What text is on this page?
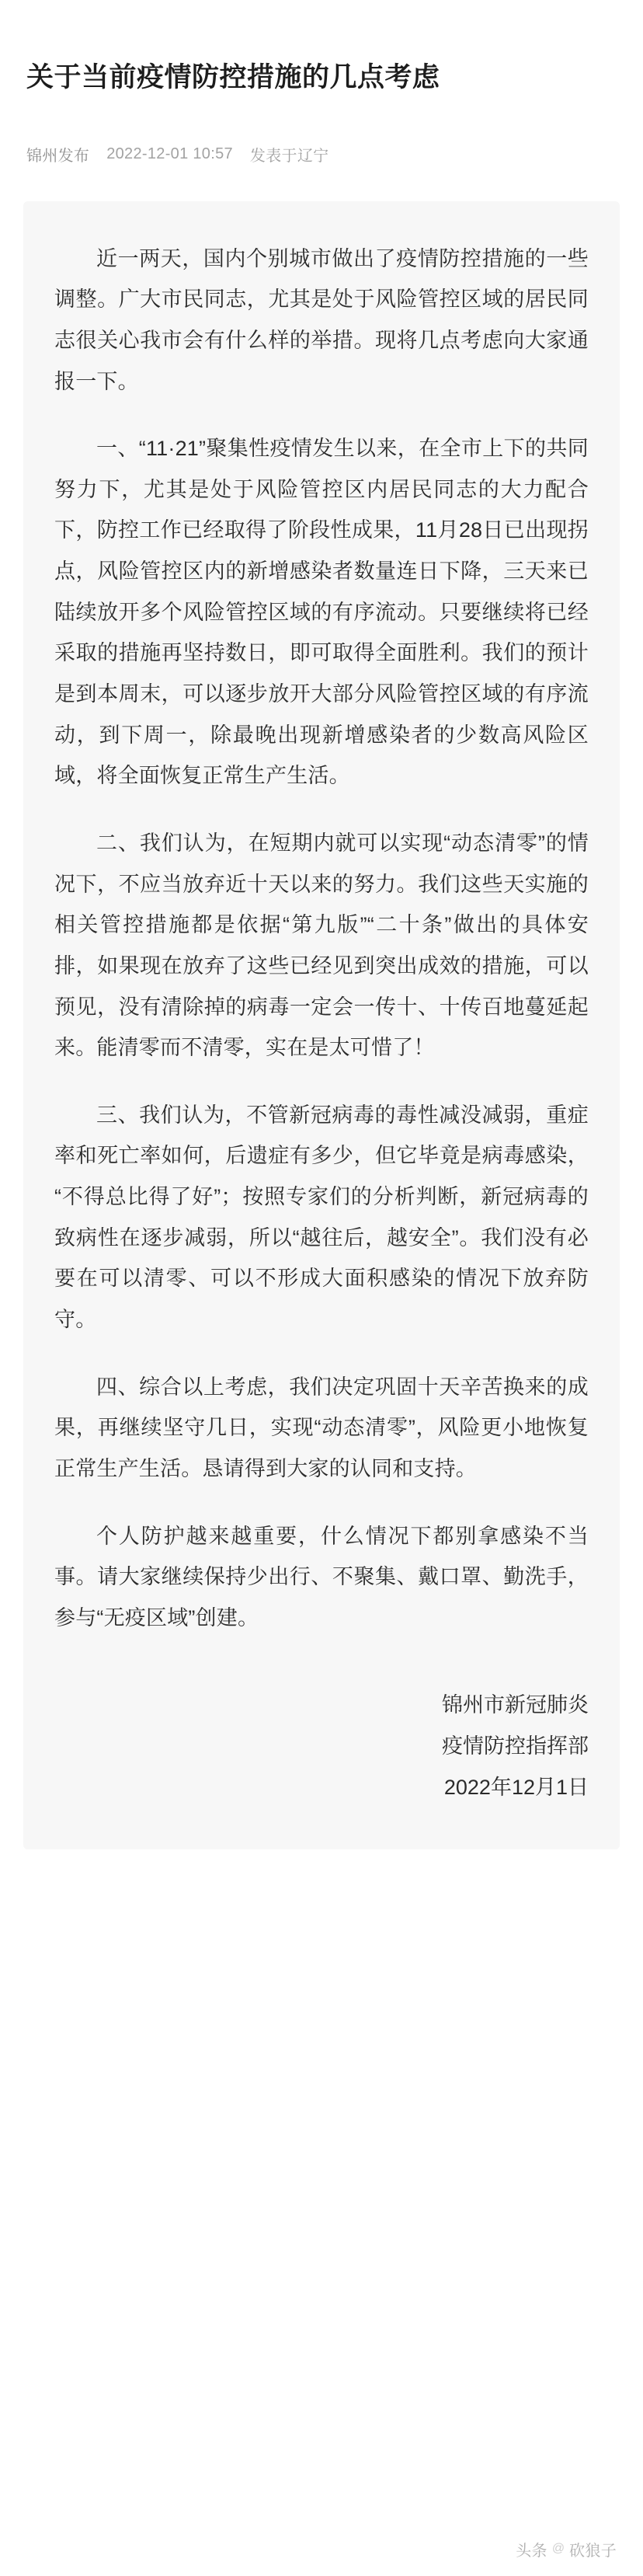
关于当前疫情防控措施的几点考虑
锦州发布 2022-12-01 10:57 发表于辽宁

近一两天，国内个别城市做出了疫情防控措施的一些调整。广大市民同志，尤其是处于风险管控区域的居民同志很关心我市会有什么样的举措。现将几点考虑向大家通报一下。

一、“11·21”聚集性疫情发生以来，在全市上下的共同努力下，尤其是处于风险管控区内居民同志的大力配合下，防控工作已经取得了阶段性成果，11月28日已出现拐点，风险管控区内的新增感染者数量连日下降，三天来已陆续放开多个风险管控区域的有序流动。只要继续将已经采取的措施再坚持数日，即可取得全面胜利。我们的预计是到本周末，可以逐步放开大部分风险管控区域的有序流动，到下周一，除最晚出现新增感染者的少数高风险区域，将全面恢复正常生产生活。

二、我们认为，在短期内就可以实现“动态清零”的情况下，不应当放弃近十天以来的努力。我们这些天实施的相关管控措施都是依据“第九版”“二十条”做出的具体安排，如果现在放弃了这些已经见到突出成效的措施，可以预见，没有清除掉的病毒一定会一传十、十传百地蔓延起来。能清零而不清零，实在是太可惜了！

三、我们认为，不管新冠病毒的毒性减没减弱，重症率和死亡率如何，后遗症有多少，但它毕竟是病毒感染，“不得总比得了好”；按照专家们的分析判断，新冠病毒的致病性在逐步减弱，所以“越往后，越安全”。我们没有必要在可以清零、可以不形成大面积感染的情况下放弃防守。

四、综合以上考虑，我们决定巩固十天辛苦换来的成果，再继续坚守几日，实现“动态清零”，风险更小地恢复正常生产生活。恳请得到大家的认同和支持。

个人防护越来越重要，什么情况下都别拿感染不当事。请大家继续保持少出行、不聚集、戴口罩、勤洗手，参与“无疫区域”创建。

锦州市新冠肺炎
疫情防控指挥部
2022年12月1日
头条 @ 砍狼子
